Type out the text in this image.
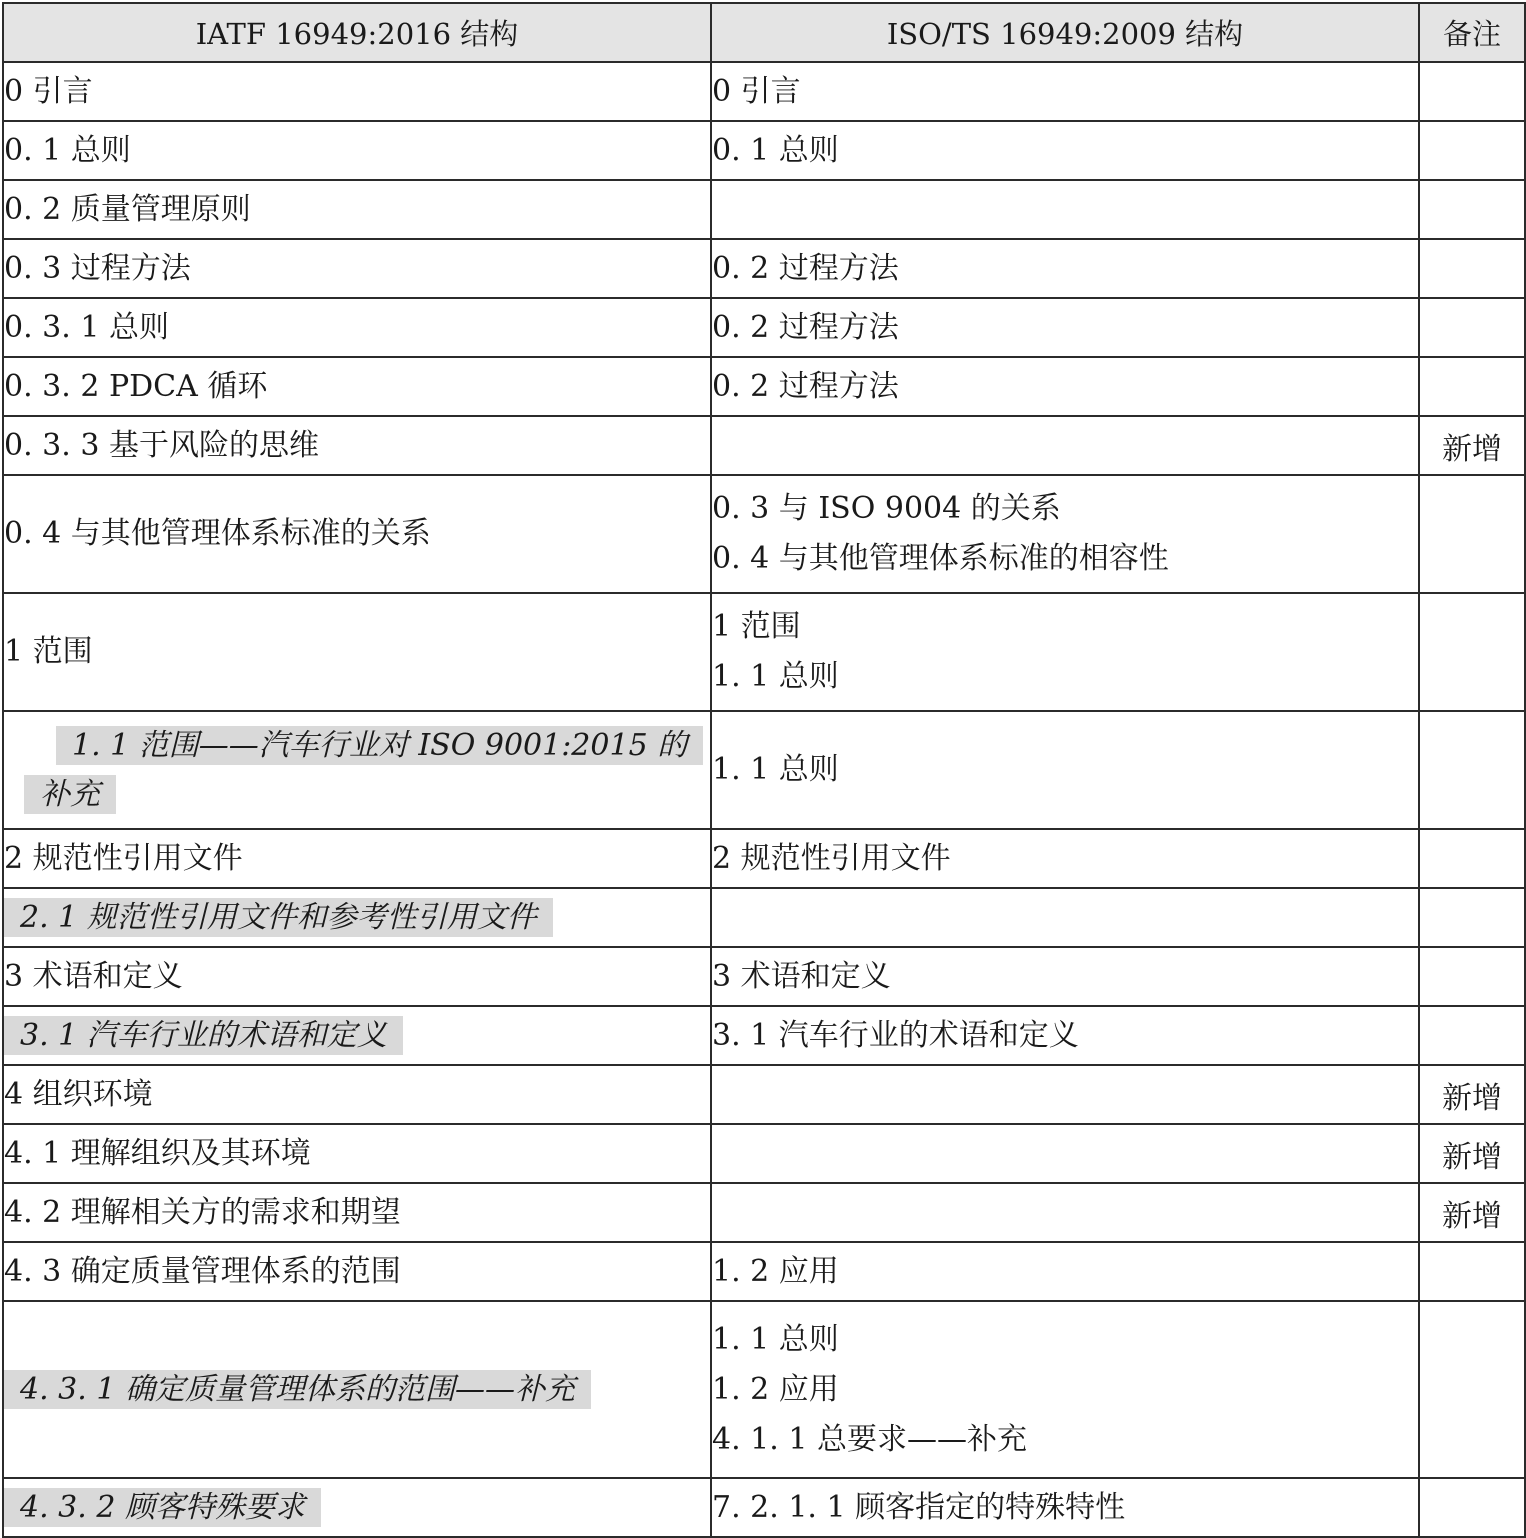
IATF 16949:2016 结构	ISO/TS 16949:2009 结构	备注

0 引言	0 引言	

0. 1 总则	0. 1 总则	

0. 2 质量管理原则		

0. 3 过程方法	0. 2 过程方法	

0. 3. 1 总则	0. 2 过程方法	

0. 3. 2 PDCA 循环	0. 2 过程方法	

0. 3. 3 基于风险的思维		新增

0. 4 与其他管理体系标准的关系	0. 3 与 ISO 9004 的关系
0. 4 与其他管理体系标准的相容性	

1 范围	1 范围
1. 1 总则	

1. 1 范围——汽车行业对 ISO 9001:2015 的补充	1. 1 总则	

2 规范性引用文件	2 规范性引用文件	

2. 1 规范性引用文件和参考性引用文件		

3 术语和定义	3 术语和定义	

3. 1 汽车行业的术语和定义	3. 1 汽车行业的术语和定义	

4 组织环境		新增

4. 1 理解组织及其环境		新增

4. 2 理解相关方的需求和期望		新增

4. 3 确定质量管理体系的范围	1. 2 应用	

4. 3. 1 确定质量管理体系的范围——补充	1. 1 总则
1. 2 应用
4. 1. 1 总要求——补充	

4. 3. 2 顾客特殊要求	7. 2. 1. 1 顾客指定的特殊特性	
